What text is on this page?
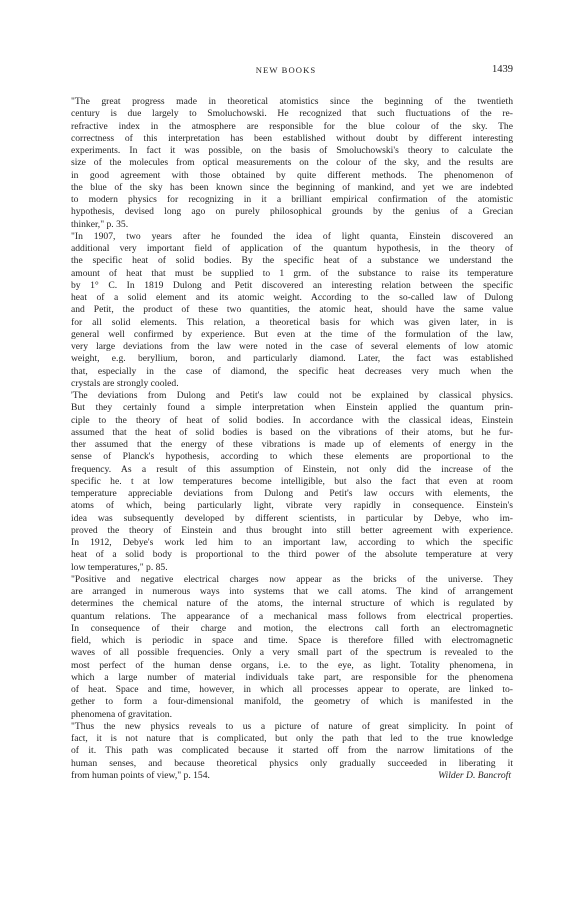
NEW BOOKS	1439

"The great progress made in theoretical atomistics since the beginning of the twentieth
century is due largely to Smoluchowski. He recognized that such fluctuations of the re-
refractive index in the atmosphere are responsible for the blue colour of the sky. The
correctness of this interpretation has been established without doubt by different interesting
experiments. In fact it was possible, on the basis of Smoluchowski's theory to calculate the
size of the molecules from optical measurements on the colour of the sky, and the results are
in good agreement with those obtained by quite different methods. The phenomenon of
the blue of the sky has been known since the beginning of mankind, and yet we are indebted
to modern physics for recognizing in it a brilliant empirical confirmation of the atomistic
hypothesis, devised long ago on purely philosophical grounds by the genius of a Grecian
thinker," p. 35.

"In 1907, two years after he founded the idea of light quanta, Einstein discovered an
additional very important field of application of the quantum hypothesis, in the theory of
the specific heat of solid bodies. By the specific heat of a substance we understand the
amount of heat that must be supplied to 1 grm. of the substance to raise its temperature
by 1° C. In 1819 Dulong and Petit discovered an interesting relation between the specific
heat of a solid element and its atomic weight. According to the so-called law of Dulong
and Petit, the product of these two quantities, the atomic heat, should have the same value
for all solid elements. This relation, a theoretical basis for which was given later, in is
general well confirmed by experience. But even at the time of the formulation of the law,
very large deviations from the law were noted in the case of several elements of low atomic
weight, e.g. beryllium, boron, and particularly diamond. Later, the fact was established
that, especially in the case of diamond, the specific heat decreases very much when the
crystals are strongly cooled.

'The deviations from Dulong and Petit's law could not be explained by classical physics.
But they certainly found a simple interpretation when Einstein applied the quantum prin-
ciple to the theory of heat of solid bodies. In accordance with the classical ideas, Einstein
assumed that the heat of solid bodies is based on the vibrations of their atoms, but he fur-
ther assumed that the energy of these vibrations is made up of elements of energy in the
sense of Planck's hypothesis, according to which these elements are proportional to the
frequency. As a result of this assumption of Einstein, not only did the increase of the
specific he. t at low temperatures become intelligible, but also the fact that even at room
temperature appreciable deviations from Dulong and Petit's law occurs with elements, the
atoms of which, being particularly light, vibrate very rapidly in consequence. Einstein's
idea was subsequently developed by different scientists, in particular by Debye, who im-
proved the theory of Einstein and thus brought into still better agreement with experience.
In 1912, Debye's work led him to an important law, according to which the specific
heat of a solid body is proportional to the third power of the absolute temperature at very
low temperatures," p. 85.

"Positive and negative electrical charges now appear as the bricks of the universe. They
are arranged in numerous ways into systems that we call atoms. The kind of arrangement
determines the chemical nature of the atoms, the internal structure of which is regulated by
quantum relations. The appearance of a mechanical mass follows from electrical properties.
In consequence of their charge and motion, the electrons call forth an electromagnetic
field, which is periodic in space and time. Space is therefore filled with electromagnetic
waves of all possible frequencies. Only a very small part of the spectrum is revealed to the
most perfect of the human dense organs, i.e. to the eye, as light. Totality phenomena, in
which a large number of material individuals take part, are responsible for the phenomena
of heat. Space and time, however, in which all processes appear to operate, are linked to-
gether to form a four-dimensional manifold, the geometry of which is manifested in the
phenomena of gravitation.

"Thus the new physics reveals to us a picture of nature of great simplicity. In point of
fact, it is not nature that is complicated, but only the path that led to the true knowledge
of it. This path was complicated because it started off from the narrow limitations of the
human senses, and because theoretical physics only gradually succeeded in liberating it
from human points of view," p. 154.	Wilder D. Bancroft
